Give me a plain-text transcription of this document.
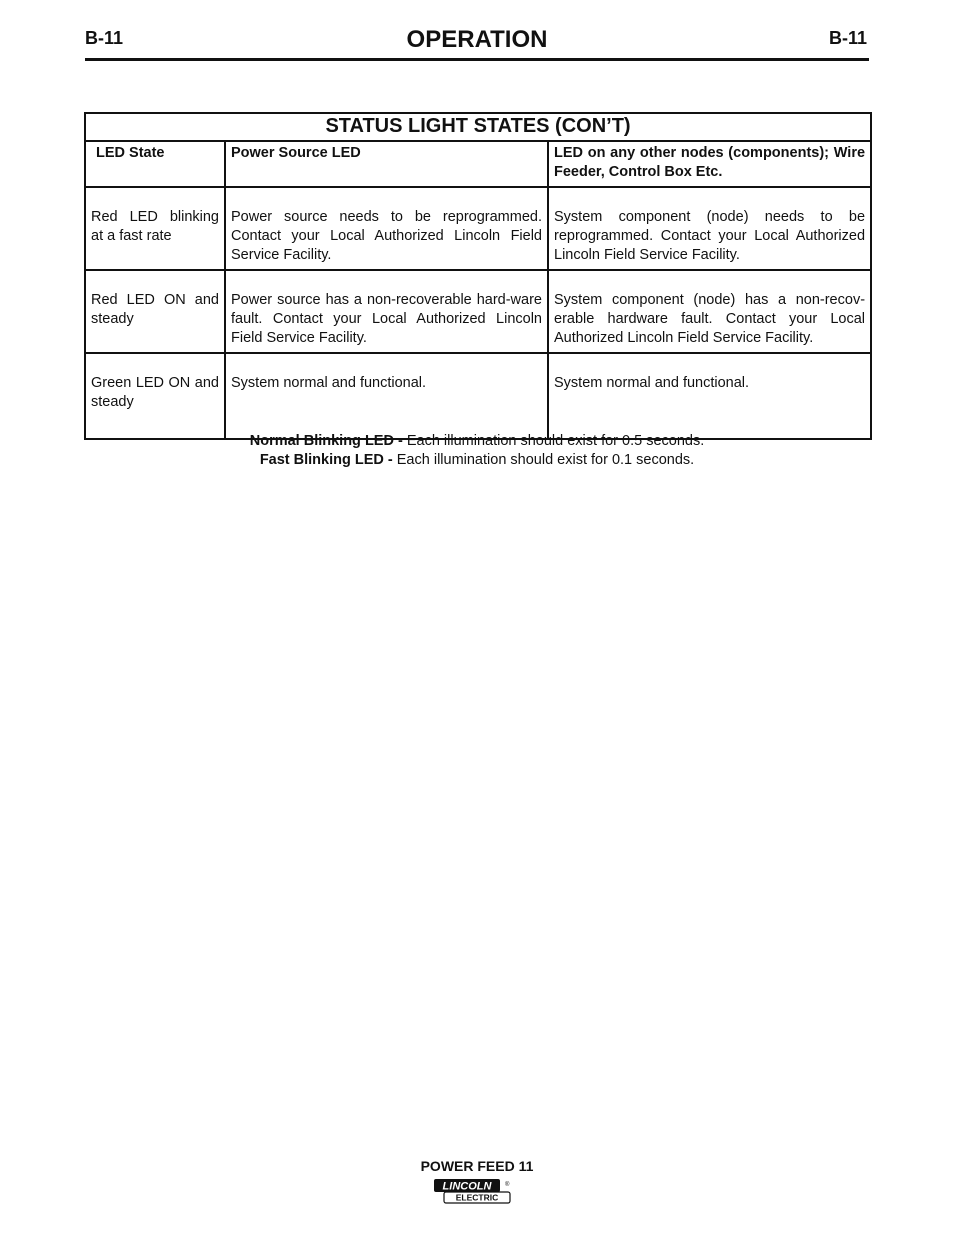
B-11	OPERATION	B-11
STATUS LIGHT STATES (CON’T)		
LED State	Power Source LED	LED on any other nodes (components); Wire Feeder, Control Box Etc.
Red LED blinking at a fast rate	Power source needs to be reprogrammed. Contact your Local Authorized Lincoln Field Service Facility.	System component (node) needs to be reprogrammed. Contact your Local Authorized Lincoln Field Service Facility.
Red LED ON and steady	Power source has a non-recoverable hard-ware fault. Contact your Local Authorized Lincoln Field Service Facility.	System component (node) has a non-recov-erable hardware fault. Contact your Local Authorized Lincoln Field Service Facility.
Green LED ON and steady	System normal and functional.	System normal and functional.
Normal Blinking LED - Each illumination should exist for 0.5 seconds.
Fast Blinking LED - Each illumination should exist for 0.1 seconds.
POWER FEED 11
LINCOLN ®
ELECTRIC
